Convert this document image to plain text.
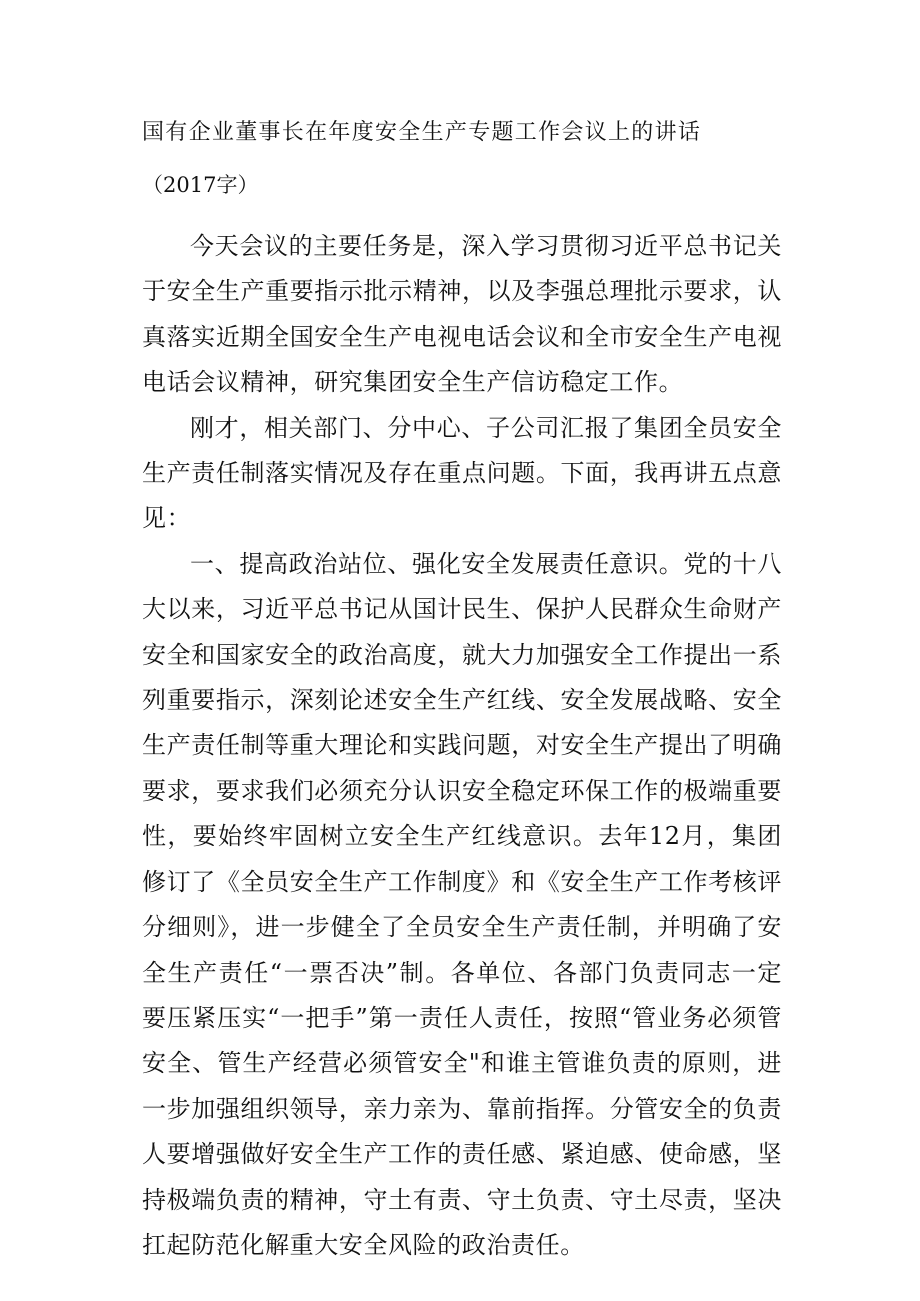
国有企业董事长在年度安全生产专题工作会议上的讲话
（2017字）

今天会议的主要任务是，深入学习贯彻习近平总书记关于安全生产重要指示批示精神，以及李强总理批示要求，认真落实近期全国安全生产电视电话会议和全市安全生产电视电话会议精神，研究集团安全生产信访稳定工作。

刚才，相关部门、分中心、子公司汇报了集团全员安全生产责任制落实情况及存在重点问题。下面，我再讲五点意见：

一、提高政治站位、强化安全发展责任意识。党的十八大以来，习近平总书记从国计民生、保护人民群众生命财产安全和国家安全的政治高度，就大力加强安全工作提出一系列重要指示，深刻论述安全生产红线、安全发展战略、安全生产责任制等重大理论和实践问题，对安全生产提出了明确要求，要求我们必须充分认识安全稳定环保工作的极端重要性，要始终牢固树立安全生产红线意识。去年12月，集团修订了《全员安全生产工作制度》和《安全生产工作考核评分细则》，进一步健全了全员安全生产责任制，并明确了安全生产责任“一票否决”制。各单位、各部门负责同志一定要压紧压实“一把手”第一责任人责任，按照“管业务必须管安全、管生产经营必须管安全"和谁主管谁负责的原则，进一步加强组织领导，亲力亲为、靠前指挥。分管安全的负责人要增强做好安全生产工作的责任感、紧迫感、使命感，坚持极端负责的精神，守土有责、守土负责、守土尽责，坚决扛起防范化解重大安全风险的政治责任。
